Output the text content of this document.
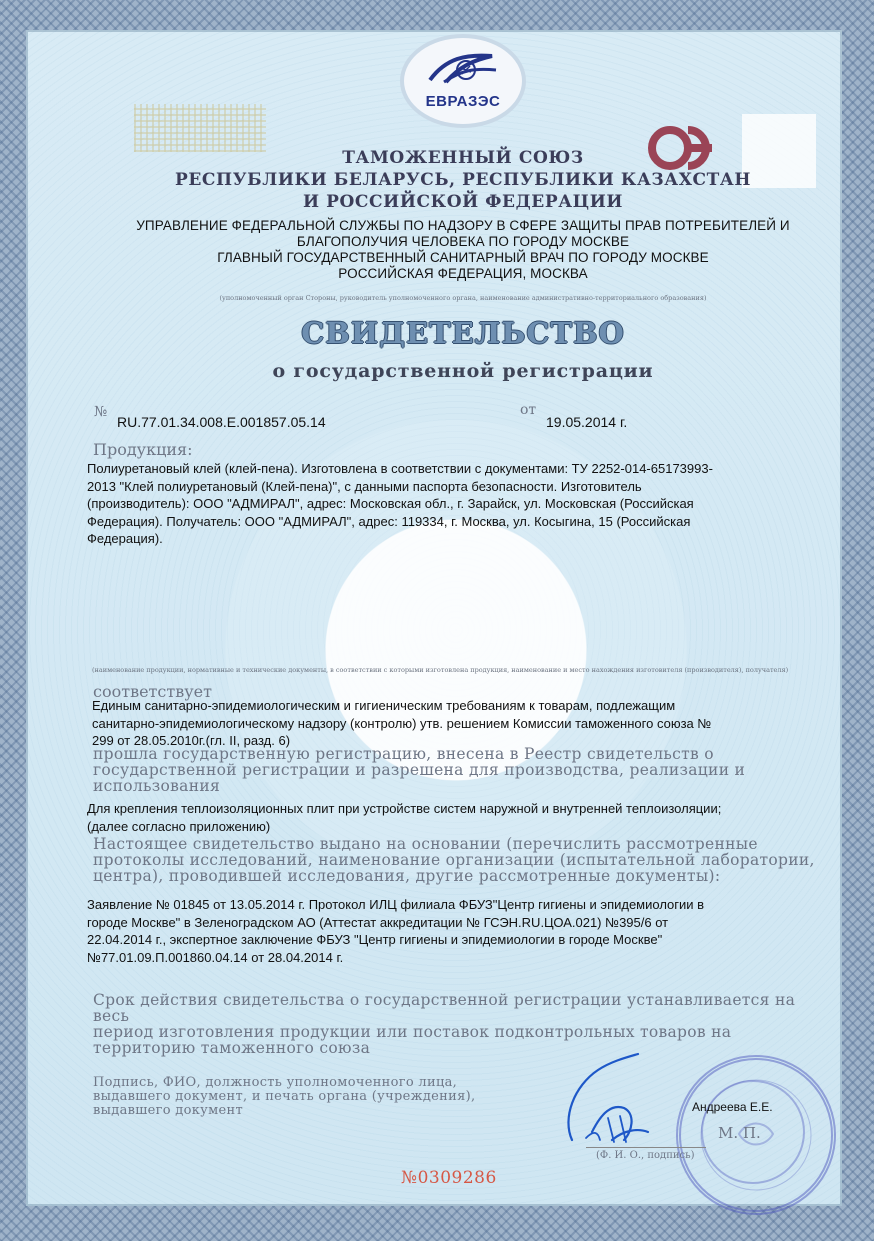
ЕВРАЗЭС
ТАМОЖЕННЫЙ СОЮЗ
РЕСПУБЛИКИ БЕЛАРУСЬ, РЕСПУБЛИКИ КАЗАХСТАН
И РОССИЙСКОЙ ФЕДЕРАЦИИ
УПРАВЛЕНИЕ ФЕДЕРАЛЬНОЙ СЛУЖБЫ ПО НАДЗОРУ В СФЕРЕ ЗАЩИТЫ ПРАВ ПОТРЕБИТЕЛЕЙ И
БЛАГОПОЛУЧИЯ ЧЕЛОВЕКА ПО ГОРОДУ МОСКВЕ
ГЛАВНЫЙ ГОСУДАРСТВЕННЫЙ САНИТАРНЫЙ ВРАЧ ПО ГОРОДУ МОСКВЕ
РОССИЙСКАЯ ФЕДЕРАЦИЯ, МОСКВА
(уполномоченный орган Стороны, руководитель уполномоченного органа, наименование административно-территориального образования)
СВИДЕТЕЛЬСТВО
о государственной регистрации
№
RU.77.01.34.008.E.001857.05.14
от
19.05.2014 г.
Продукция:
Полиуретановый клей (клей-пена). Изготовлена в соответствии с документами: ТУ 2252-014-65173993-
2013 "Клей полиуретановый (Клей-пена)", с данными паспорта безопасности. Изготовитель
(производитель): ООО "АДМИРАЛ", адрес: Московская обл., г. Зарайск, ул. Московская (Российская
Федерация). Получатель: ООО "АДМИРАЛ", адрес: 119334, г. Москва, ул. Косыгина, 15 (Российская
Федерация).
(наименование продукции, нормативные и технические документы, в соответствии с которыми изготовлена продукция, наименование и место нахождения изготовителя (производителя), получателя)
соответствует
Единым санитарно-эпидемиологическим и гигиеническим требованиям к товарам, подлежащим
санитарно-эпидемиологическому надзору (контролю) утв. решением Комиссии таможенного союза №
299 от 28.05.2010г.(гл. II, разд. 6)
прошла государственную регистрацию, внесена в Реестр свидетельств о
государственной регистрации и разрешена для производства, реализации и
использования
Для крепления теплоизоляционных плит при устройстве систем наружной и внутренней теплоизоляции;
(далее согласно приложению)
Настоящее свидетельство выдано на основании (перечислить рассмотренные
протоколы исследований, наименование организации (испытательной лаборатории,
центра), проводившей исследования, другие рассмотренные документы):
Заявление № 01845 от 13.05.2014 г. Протокол ИЛЦ филиала ФБУЗ"Центр гигиены и эпидемиологии в
городе Москве" в Зеленоградском АО (Аттестат аккредитации № ГСЭН.RU.ЦОА.021) №395/6 от
22.04.2014 г., экспертное заключение ФБУЗ "Центр гигиены и эпидемиологии в городе Москве"
№77.01.09.П.001860.04.14 от 28.04.2014 г.
Срок действия свидетельства о государственной регистрации устанавливается на весь
период изготовления продукции или поставок подконтрольных товаров на
территорию таможенного союза
Подпись, ФИО, должность уполномоченного лица,
выдавшего документ, и печать органа (учреждения),
выдавшего документ	Андреева Е.Е.
(Ф. И. О., подпись)
М. П.
№0309286
